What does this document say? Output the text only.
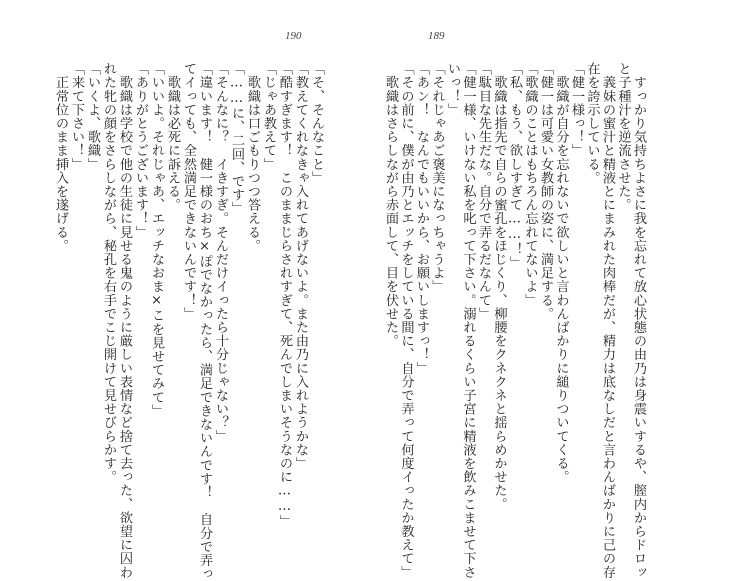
190	189
　すっかり気持ちよさに我を忘れて放心状態の由乃は身震いするや、膣内からドロッ
と子種汁を逆流させた。
　義妹の蜜汁と精液とにまみれた肉棒だが、精力は底なしだと言わんばかりに己の存
在を誇示している。
「健一様っ！」
　歌織が自分を忘れないで欲しいと言わんばかりに縋りついてくる。
「健一は可愛い女教師の姿に、満足する。
「歌織のことはもちろん忘れてないよ」
「私、もう、欲しすぎて……！」
　歌織は指先で自らの蜜孔をほじくり、柳腰をクネクネと揺らめかせた。
「駄目な先生だな。自分で弄るだなんて」
「健一様、いけない私を叱って下さい。溺れるくらい子宮に精液を飲みこませて下さ
いっ！」
「それじゃあご褒美になっちゃうよ」
「あン！　なんでもいいから、お願いしますっ！」
「その前に、僕が由乃とエッチをしている間に、自分で弄って何度イったか教えて」
　歌織はさらしながら赤面して、目を伏せた。
「そ、そんなこと」
「教えてくれなきゃ入れてあげないよ。また由乃に入れようかな」
「酷すぎます！　このままじらされすぎて、死んでしまいそうなのに……」
「じゃあ教えて」
　歌織は口ごもりつつ答える。
「……に、二回、です」
「そんなに？　イきすぎ。そんだけイったら十分じゃない？」
「違います！　健一様のおち×ぽでなかったら、満足できないんです！　自分で弄っ
てイっても、全然満足できないんです！」
　歌織は必死に訴える。
「いいよ。それじゃあ、エッチなおま×こを見せてみて」
「ありがとうございます！」
　歌織は学校で他の生徒に見せる鬼のように厳しい表情など捨て去った、欲望に囚わ
れた牝の顔をさらしながら、秘孔を右手でこじ開けて見せびらかす。
「いくよ、歌織」
「来て下さい！」
　正常位のまま挿入を遂げる。
